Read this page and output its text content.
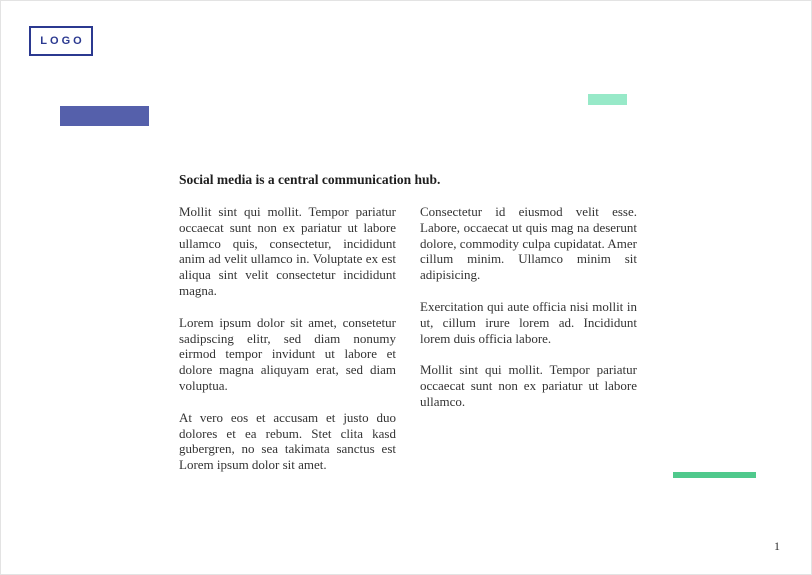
LOGO

Social media is a central communication hub.

Mollit sint qui mollit. Tempor pariatur occaecat sunt non ex pariatur ut labore ullamco quis, consectetur, incididunt anim ad velit ullamco in. Voluptate ex est aliqua sint velit consectetur incididunt magna.

Lorem ipsum dolor sit amet, consetetur sadipscing elitr, sed diam nonumy eirmod tempor invidunt ut labore et dolore magna aliquyam erat, sed diam voluptua.

At vero eos et accusam et justo duo dolores et ea rebum. Stet clita kasd gubergren, no sea takimata sanctus est Lorem ipsum dolor sit amet.

Consectetur id eiusmod velit esse. Labore, occaecat ut quis mag na deserunt dolore, commodity culpa cupidatat. Amer cillum minim. Ullamco minim sit adipisicing.

Exercitation qui aute officia nisi mollit in ut, cillum irure lorem ad. Incididunt lorem duis officia labore.

Mollit sint qui mollit. Tempor pariatur occaecat sunt non ex pariatur ut labore ullamco.

1
